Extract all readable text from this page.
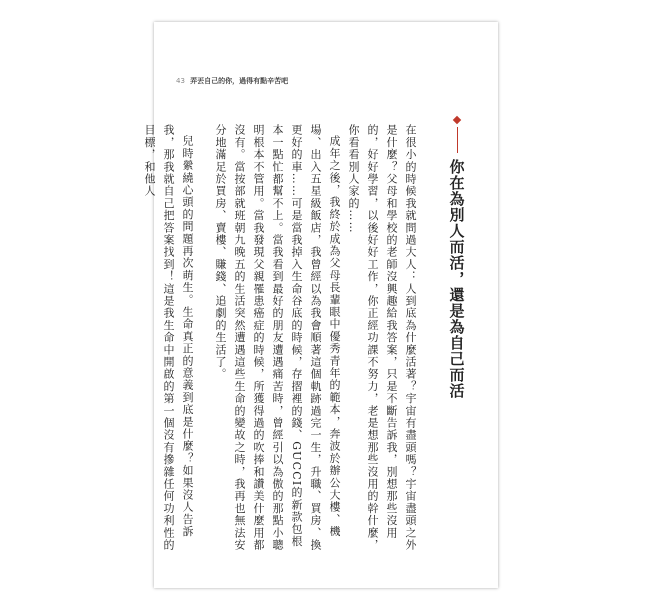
43 弄丟自己的你，過得有點辛苦吧
你在為別人而活，還是為自己而活

在很小的時候我就問過大人：人到底為什麼活著？宇宙有盡頭嗎？宇宙盡頭之外是什麼？父母和學校的老師沒興趣給我答案，只是不斷告訴我，別想那些沒用的，好好學習，以後好好工作，你正經功課不努力，老是想那些沒用的幹什麼，你看看別人家的……

成年之後，我終於成為父母長輩眼中優秀青年的範本，奔波於辦公大樓、機場、出入五星級飯店，我曾經以為我會順著這個軌跡過完一生，升職、買房、換更好的車……可是當我掉入生命谷底的時候，存摺裡的錢、GUCCI的新款包根本一點忙都幫不上。當我看到最好的朋友遭遇痛苦時，曾經引以為傲的那點小聰明根本不管用。當我發現父親罹患癌症的時候，所獲得過的吹捧和讚美什麼用都沒有。當按部就班朝九晚五的生活突然遭遇這些生命的變故之時，我再也無法安分地滿足於買房、賣樓、賺錢、追劇的生活了。

兒時縈繞心頭的問題再次萌生。生命真正的意義到底是什麼？如果沒人告訴我，那我就自己把答案找到！這是我生命中開啟的第一個沒有摻雜任何功利性的目標，和他人
